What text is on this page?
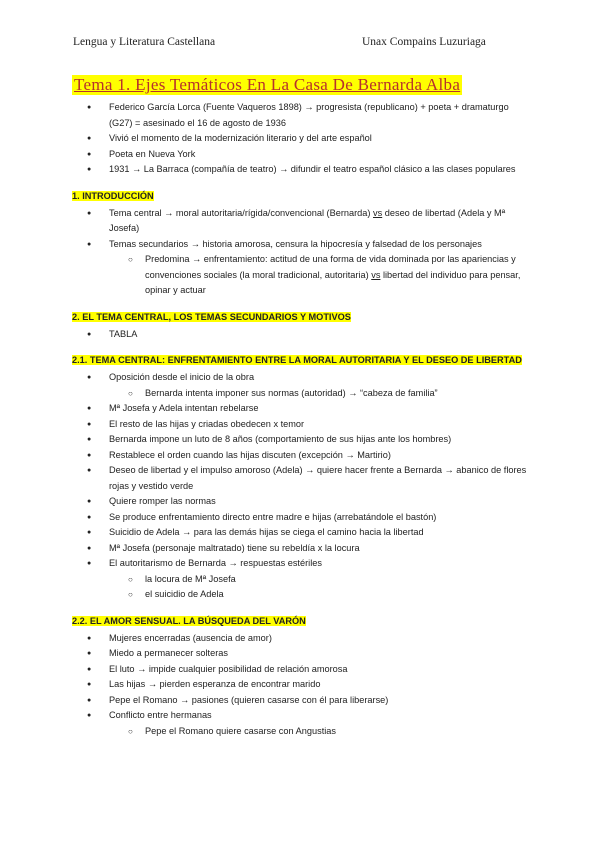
Lengua y Literatura Castellana	Unax Compains Luzuriaga
Tema 1. Ejes Temáticos En La Casa De Bernarda Alba
● Federico García Lorca (Fuente Vaqueros 1898) → progresista (republicano) + poeta + dramaturgo (G27) = asesinado el 16 de agosto de 1936
● Vivió el momento de la modernización literario y del arte español
● Poeta en Nueva York
● 1931 → La Barraca (compañía de teatro) → difundir el teatro español clásico a las clases populares
1. INTRODUCCIÓN
● Tema central → moral autoritaria/rígida/convencional (Bernarda) vs deseo de libertad (Adela y Mª Josefa)
● Temas secundarios → historia amorosa, censura la hipocresía y falsedad de los personajes
○ Predomina → enfrentamiento: actitud de una forma de vida dominada por las apariencias y convenciones sociales (la moral tradicional, autoritaria) vs libertad del individuo para pensar, opinar y actuar
2. EL TEMA CENTRAL, LOS TEMAS SECUNDARIOS Y MOTIVOS
● TABLA
2.1. TEMA CENTRAL: ENFRENTAMIENTO ENTRE LA MORAL AUTORITARIA Y EL DESEO DE LIBERTAD
● Oposición desde el inicio de la obra
○ Bernarda intenta imponer sus normas (autoridad) → “cabeza de familia”
● Mª Josefa y Adela intentan rebelarse
● El resto de las hijas y criadas obedecen x temor
● Bernarda impone un luto de 8 años (comportamiento de sus hijas ante los hombres)
● Restablece el orden cuando las hijas discuten (excepción → Martirio)
● Deseo de libertad y el impulso amoroso (Adela) → quiere hacer frente a Bernarda → abanico de flores rojas y vestido verde
● Quiere romper las normas
● Se produce enfrentamiento directo entre madre e hijas (arrebatándole el bastón)
● Suicidio de Adela → para las demás hijas se ciega el camino hacia la libertad
● Mª Josefa (personaje maltratado) tiene su rebeldía x la locura
● El autoritarismo de Bernarda → respuestas estériles
○ la locura de Mª Josefa
○ el suicidio de Adela
2.2. EL AMOR SENSUAL. LA BÚSQUEDA DEL VARÓN
● Mujeres encerradas (ausencia de amor)
● Miedo a permanecer solteras
● El luto → impide cualquier posibilidad de relación amorosa
● Las hijas → pierden esperanza de encontrar marido
● Pepe el Romano → pasiones (quieren casarse con él para liberarse)
● Conflicto entre hermanas
○ Pepe el Romano quiere casarse con Angustias
